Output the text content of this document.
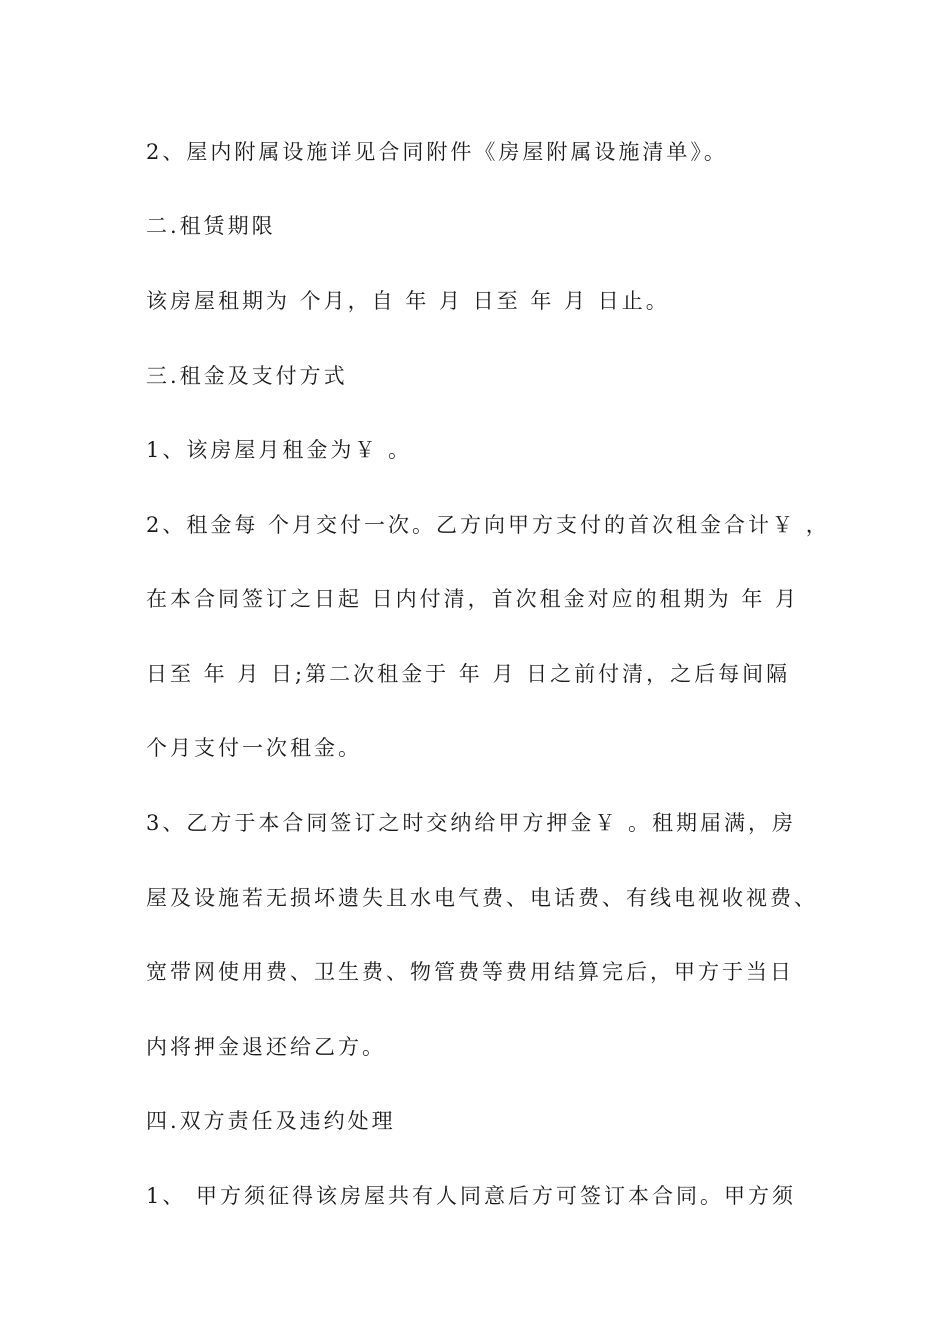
2、屋内附属设施详见合同附件《房屋附属设施清单》。

二.租赁期限

该房屋租期为 个月，自 年 月 日至 年 月 日止。

三.租金及支付方式

1、该房屋月租金为￥ 。

2、租金每 个月交付一次。乙方向甲方支付的首次租金合计￥ ，

在本合同签订之日起 日内付清，首次租金对应的租期为 年 月

日至 年 月 日;第二次租金于 年 月 日之前付清，之后每间隔

个月支付一次租金。

3、乙方于本合同签订之时交纳给甲方押金￥ 。租期届满，房

屋及设施若无损坏遗失且水电气费、电话费、有线电视收视费、

宽带网使用费、卫生费、物管费等费用结算完后，甲方于当日

内将押金退还给乙方。

四.双方责任及违约处理

1、 甲方须征得该房屋共有人同意后方可签订本合同。甲方须
